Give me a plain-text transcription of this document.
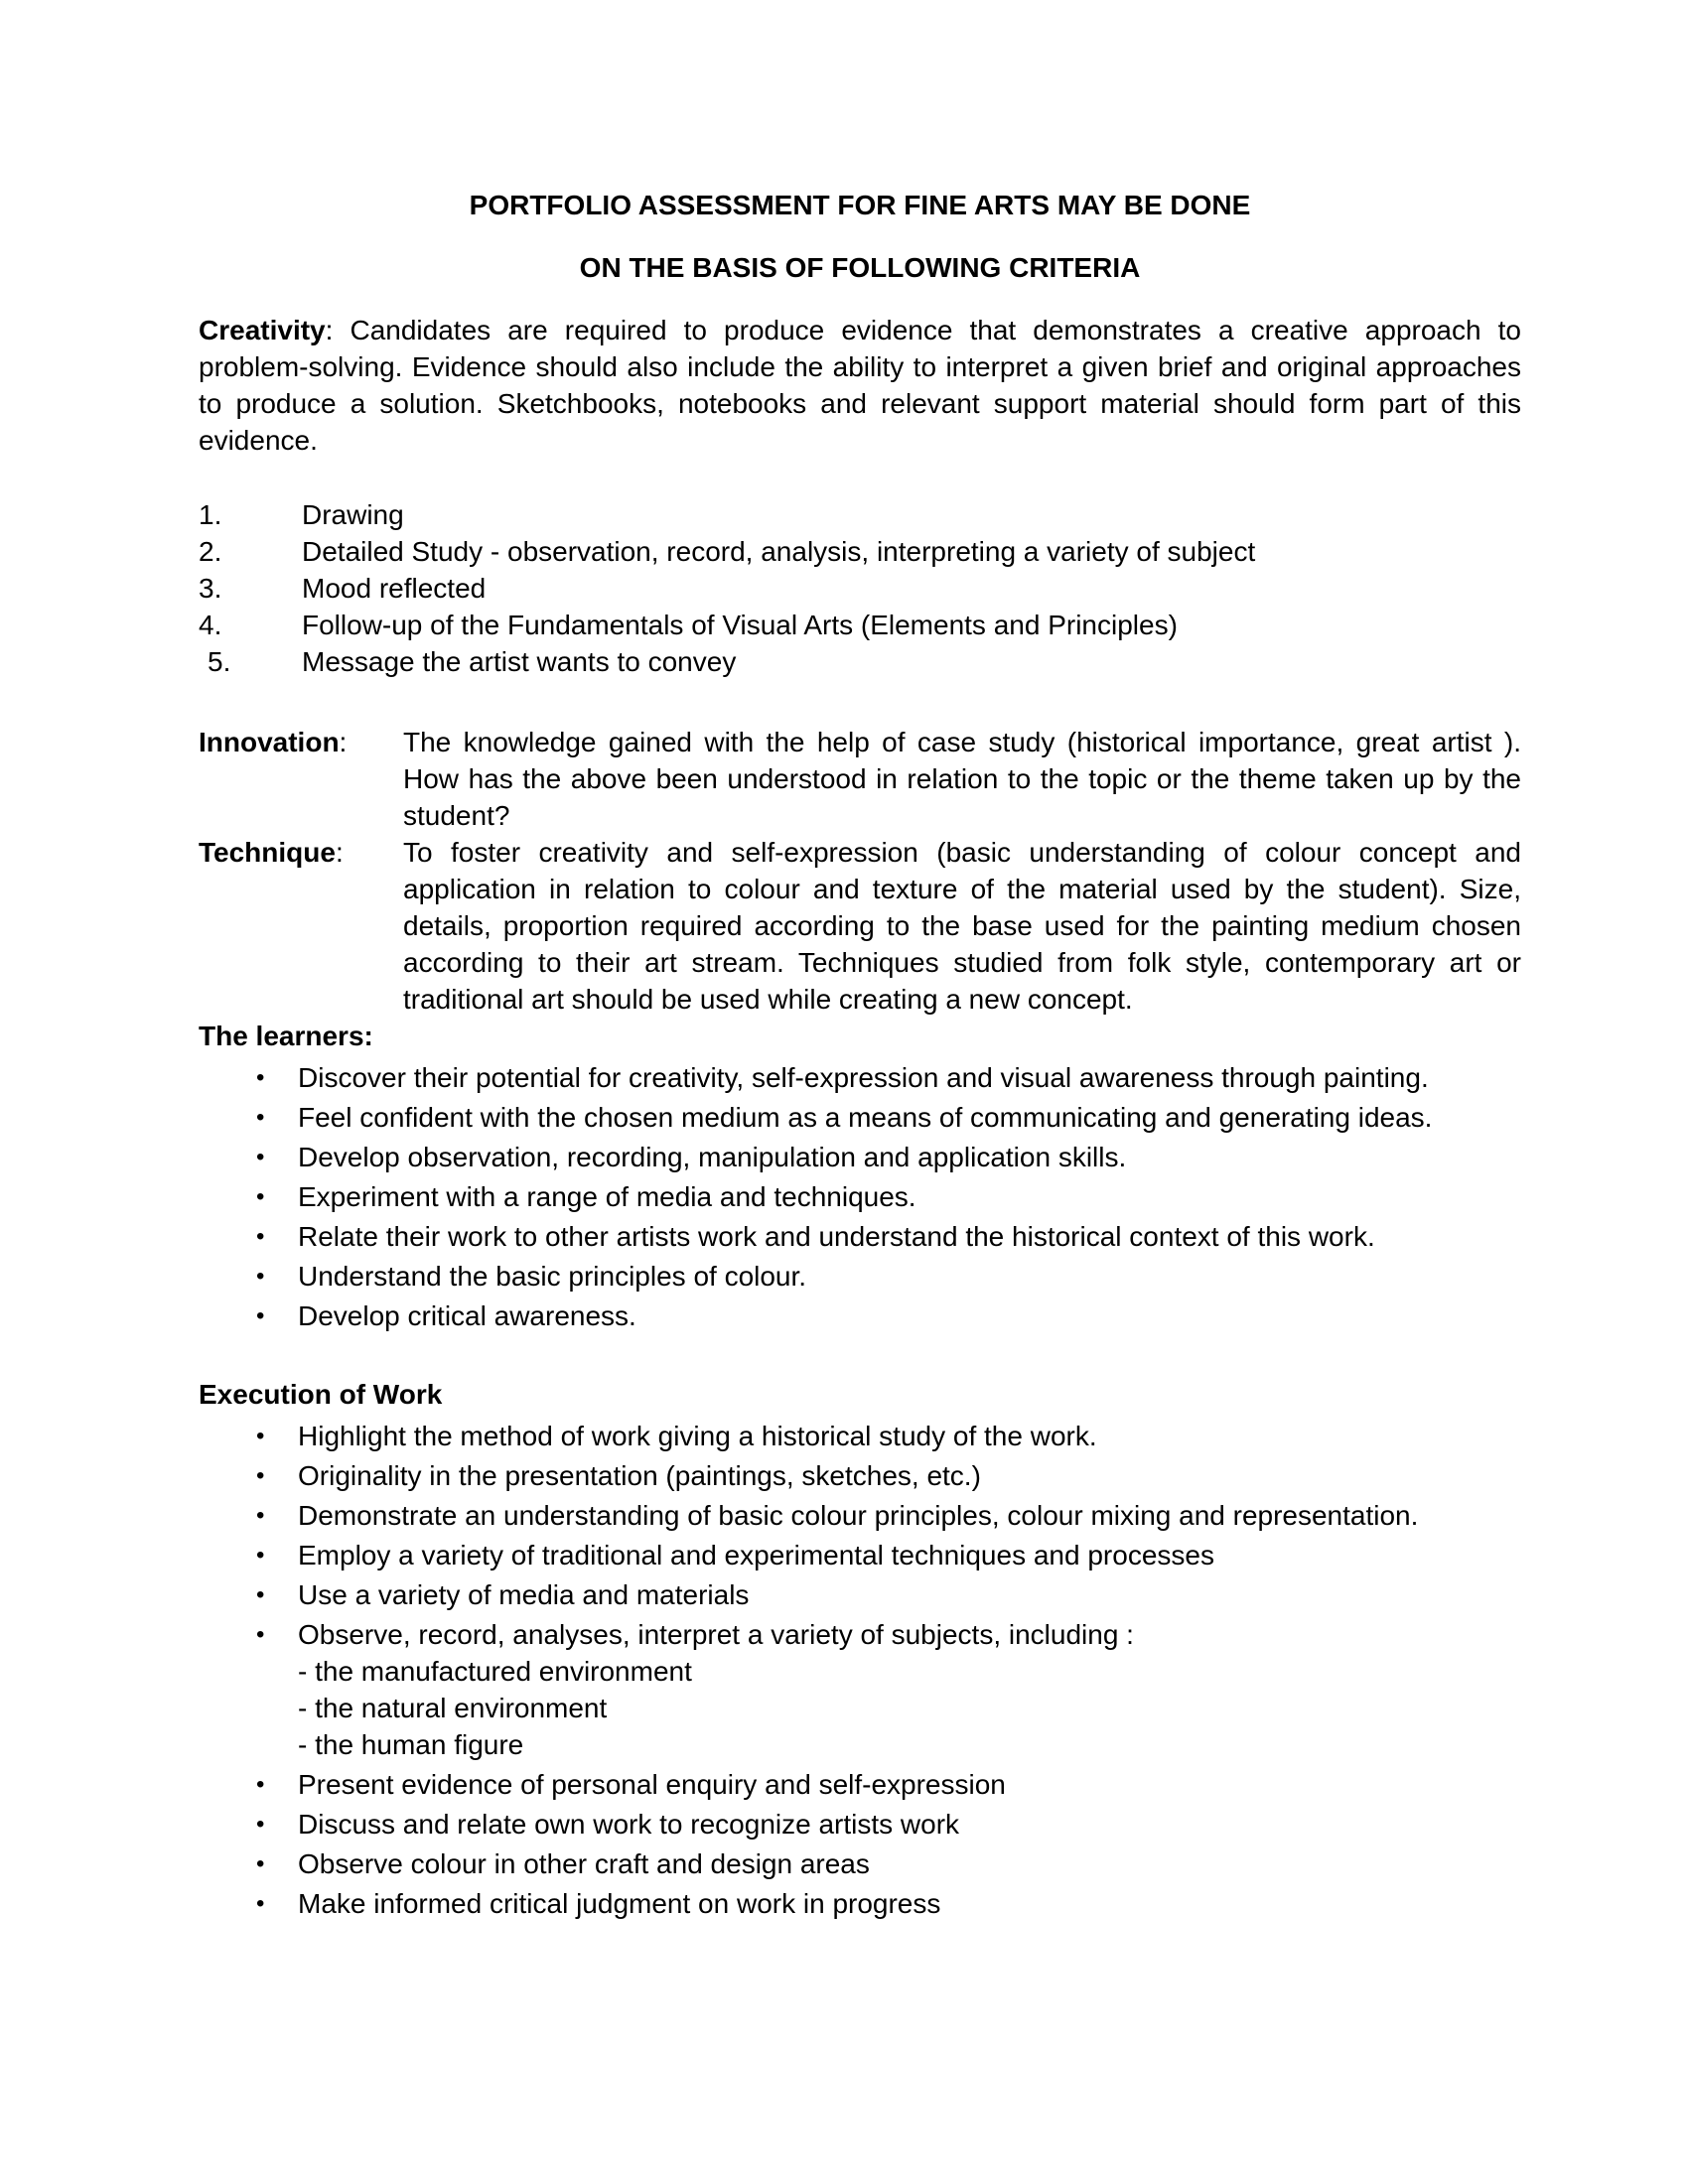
PORTFOLIO ASSESSMENT FOR FINE ARTS MAY BE DONE
ON THE BASIS OF FOLLOWING CRITERIA

Creativity: Candidates are required to produce evidence that demonstrates a creative approach to problem-solving. Evidence should also include the ability to interpret a given brief and original approaches to produce a solution. Sketchbooks, notebooks and relevant support material should form part of this evidence.

1.	Drawing
2.	Detailed Study - observation, record, analysis, interpreting a variety of subject
3.	Mood reflected
4.	Follow-up of the Fundamentals of Visual Arts (Elements and Principles)
5.	Message the artist wants to convey
Innovation:	The knowledge gained with the help of case study (historical importance, great artist ). How has the above been understood in relation to the topic or the theme taken up by the student?
Technique:	To foster creativity and self-expression (basic understanding of colour concept and application in relation to colour and texture of the material used by the student). Size, details, proportion required according to the base used for the painting medium chosen according to their art stream. Techniques studied from folk style, contemporary art or traditional art should be used while creating a new concept.
The learners:
•	Discover their potential for creativity, self-expression and visual awareness through painting.
•	Feel confident with the chosen medium as a means of communicating and generating ideas.
•	Develop observation, recording, manipulation and application skills.
•	Experiment with a range of media and techniques.
•	Relate their work to other artists work and understand the historical context of this work.
•	Understand the basic principles of colour.
•	Develop critical awareness.
Execution of Work
•	Highlight the method of work giving a historical study of the work.
•	Originality in the presentation (paintings, sketches, etc.)
•	Demonstrate an understanding of basic colour principles, colour mixing and representation.
•	Employ a variety of traditional and experimental techniques and processes
•	Use a variety of media and materials
•	Observe, record, analyses, interpret a variety of subjects, including :
- the manufactured environment
- the natural environment
- the human figure
•	Present evidence of personal enquiry and self-expression
•	Discuss and relate own work to recognize artists work
•	Observe colour in other craft and design areas
•	Make informed critical judgment on work in progress
